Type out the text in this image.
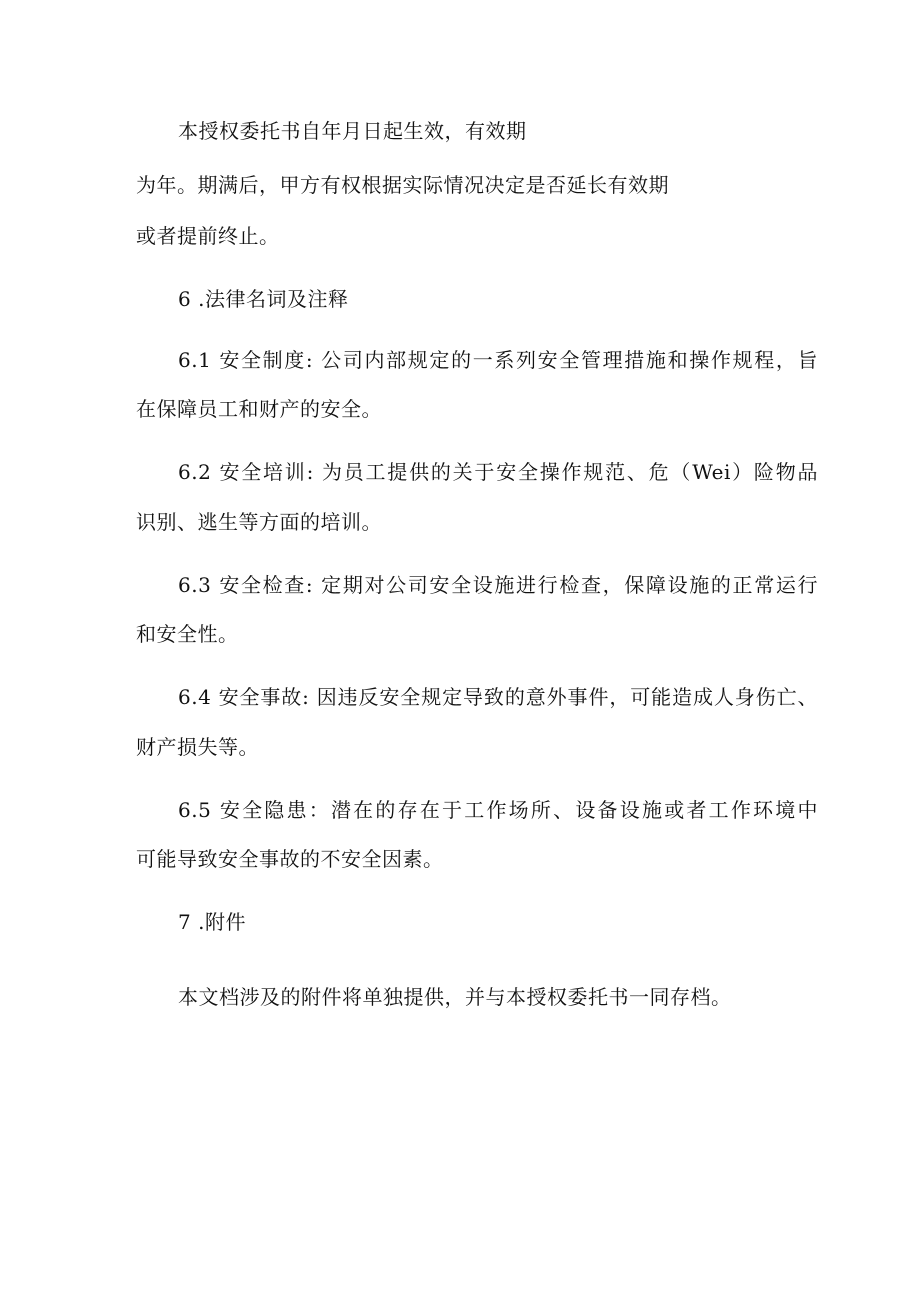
本授权委托书自年月日起生效，有效期

为年。期满后，甲方有权根据实际情况决定是否延长有效期

或者提前终止。

6 .法律名词及注释

6.1 安全制度: 公司内部规定的一系列安全管理措施和操作规程，旨

在保障员工和财产的安全。

6.2 安全培训: 为员工提供的关于安全操作规范、危（Wei）险物品

识别、逃生等方面的培训。

6.3 安全检查: 定期对公司安全设施进行检查，保障设施的正常运行

和安全性。

6.4 安全事故: 因违反安全规定导致的意外事件，可能造成人身伤亡、

财产损失等。

6.5 安全隐患：潜在的存在于工作场所、设备设施或者工作环境中

可能导致安全事故的不安全因素。

7 .附件

本文档涉及的附件将单独提供，并与本授权委托书一同存档。
